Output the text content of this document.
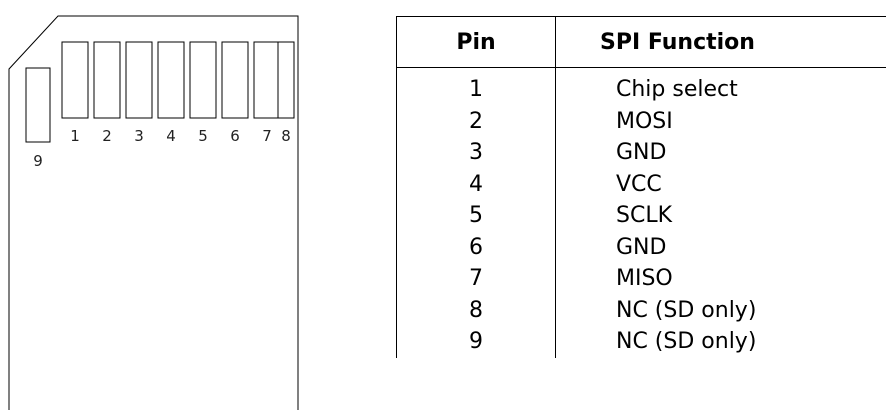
1 2 3 4 5 6 7 8
9
Pin	SPI Function
1	Chip select
2	MOSI
3	GND
4	VCC
5	SCLK
6	GND
7	MISO
8	NC (SD only)
9	NC (SD only)
